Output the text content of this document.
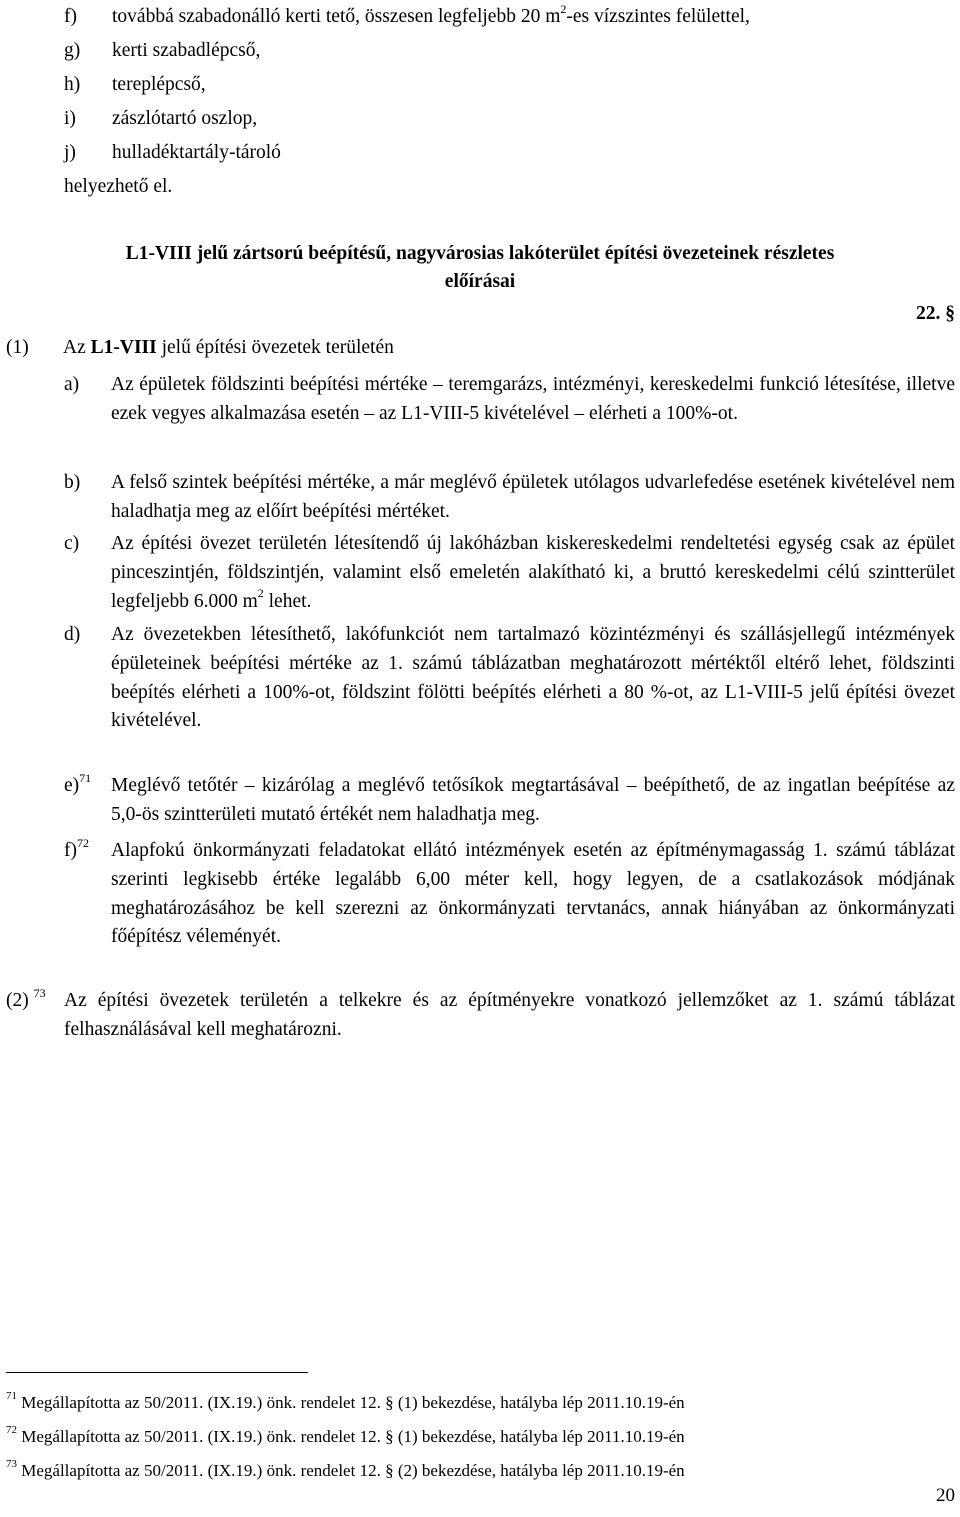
f)	továbbá szabadonálló kerti tető, összesen legfeljebb 20 $m^2-es$ vízszintes felülettel,
g)	kerti szabadlépcső,
h)	tereplépcső,
i)	zászlótartó oszlop,
j)	hulladéktartály-tároló
helyezhető el.
L1-VIII jelű zártsorú beépítésű, nagyvárosias lakóterület építési övezeteinek részletes
előírásai
22. §
(1) Az L1-VIII jelű építési övezetek területén
a)	Az épületek földszinti beépítési mértéke – teremgarázs, intézményi, kereskedelmi funkció létesítése, illetve ezek vegyes alkalmazása esetén – az L1-VIII-5 kivételével – elérheti a 100%-ot.
b)	A felső szintek beépítési mértéke, a már meglévő épületek utólagos udvarlefedése esetének kivételével nem haladhatja meg az előírt beépítési mértéket.
c)	Az építési övezet területén létesítendő új lakóházban kiskereskedelmi rendeltetési egység csak az épület pinceszintjén, földszintjén, valamint első emeletén alakítható ki, a bruttó kereskedelmi célú szintterület legfeljebb 6.000 $m^2$ lehet.
d)	Az övezetekben létesíthető, lakófunkciót nem tartalmazó közintézményi és szállásjellegű intézmények épületeinek beépítési mértéke az 1. számú táblázatban meghatározott mértéktől eltérő lehet, földszinti beépítés elérheti a 100%-ot, földszint fölötti beépítés elérheti a 80 %-ot, az L1-VIII-5 jelű építési övezet kivételével.
e)$^{71}$	Meglévő tetőtér – kizárólag a meglévő tetősíkok megtartásával – beépíthető, de az ingatlan beépítése az 5,0-ös szintterületi mutató értékét nem haladhatja meg.
f)$^{72}$	Alapfokú önkormányzati feladatokat ellátó intézmények esetén az építménymagasság 1. számú táblázat szerinti legkisebb értéke legalább 6,00 méter kell, hogy legyen, de a csatlakozások módjának meghatározásához be kell szerezni az önkormányzati tervtanács, annak hiányában az önkormányzati főépítész véleményét.
(2) $^{73}$ Az építési övezetek területén a telkekre és az építményekre vonatkozó jellemzőket az 1. számú táblázat felhasználásával kell meghatározni.
$^{71}$ Megállapította az 50/2011. (IX.19.) önk. rendelet 12. § (1) bekezdése, hatályba lép 2011.10.19-én
$^{72}$ Megállapította az 50/2011. (IX.19.) önk. rendelet 12. § (1) bekezdése, hatályba lép 2011.10.19-én
$^{73}$ Megállapította az 50/2011. (IX.19.) önk. rendelet 12. § (2) bekezdése, hatályba lép 2011.10.19-én
20
